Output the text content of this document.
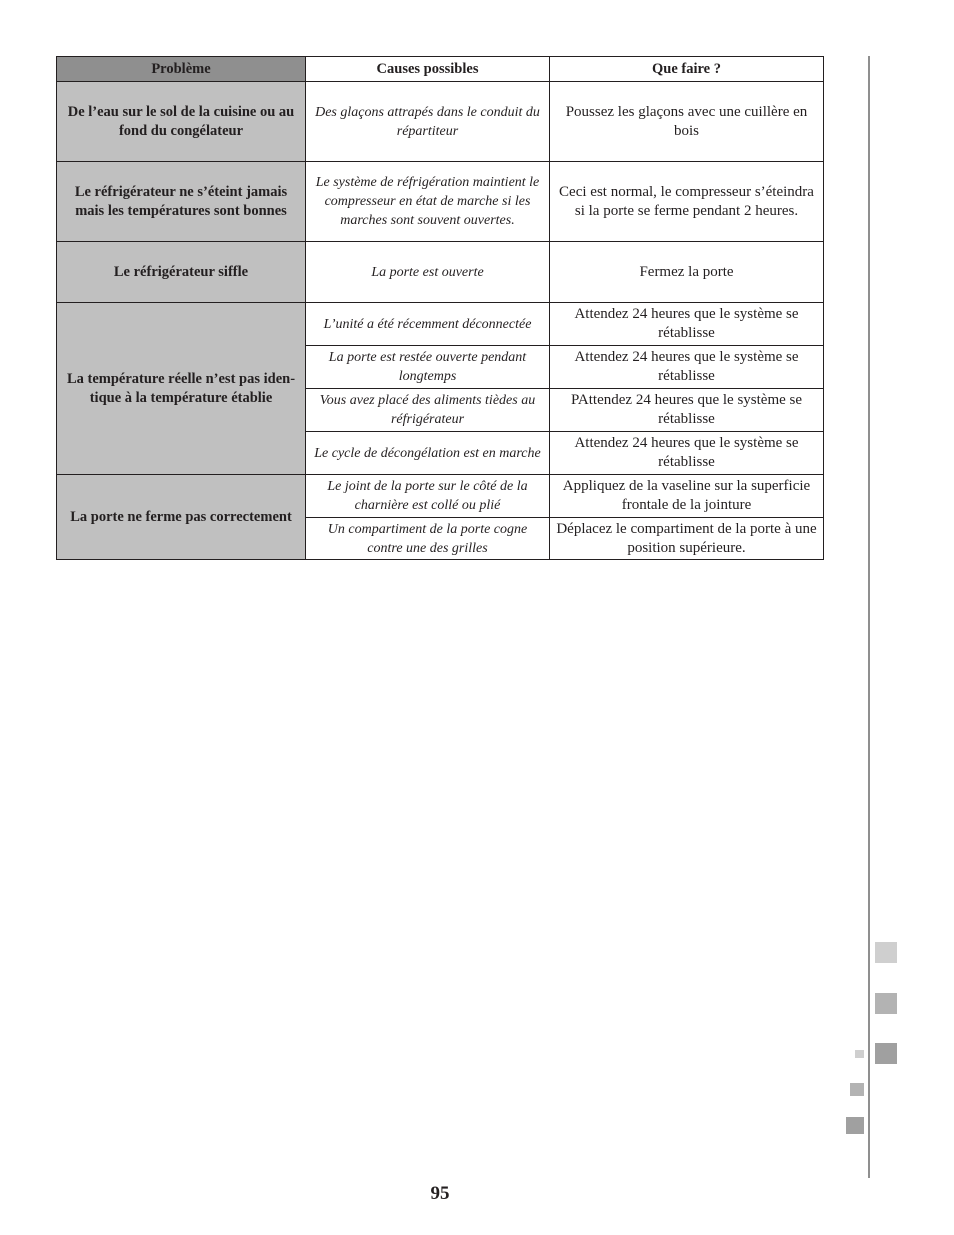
Problème	Causes possibles	Que faire ?
De l’eau sur le sol de la cuisine ou au fond du congélateur	Des glaçons attrapés dans le conduit du répartiteur	Poussez les glaçons avec une cuillère en bois
Le réfrigérateur ne s’éteint jamais mais les températures sont bonnes	Le système de réfrigération maintient le compresseur en état de marche si les marches sont souvent ouvertes.	Ceci est normal, le compresseur s’éteindra si la porte se ferme pendant 2 heures.
Le réfrigérateur siffle	La porte est ouverte	Fermez la porte
La température réelle n’est pas iden-tique à la température établie	L’unité a été récemment déconnectée	Attendez 24 heures que le système se rétablisse
	La porte est restée ouverte pendant longtemps	Attendez 24 heures que le système se rétablisse
	Vous avez placé des aliments tièdes au réfrigérateur	PAttendez 24 heures que le système se rétablisse
	Le cycle de décongélation est en marche	Attendez 24 heures que le système se rétablisse
La porte ne ferme pas correctement	Le joint de la porte sur le côté de la charnière est collé ou plié	Appliquez de la vaseline sur la superficie frontale de la jointure
	Un compartiment de la porte cogne contre une des grilles	Déplacez le compartiment de la porte à une position supérieure.
95
